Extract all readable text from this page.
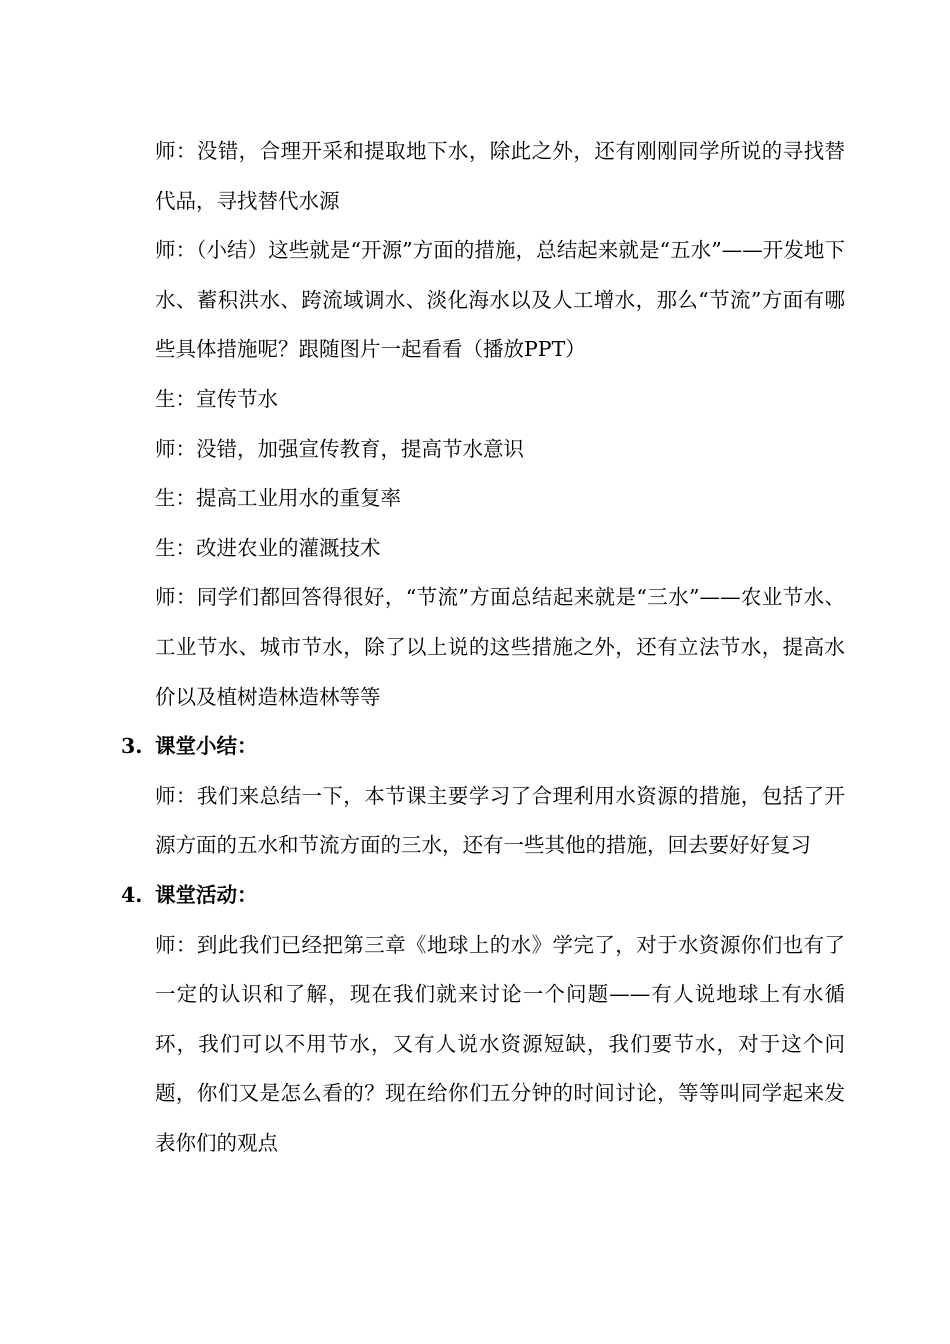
师：没错，合理开采和提取地下水，除此之外，还有刚刚同学所说的寻找替代品，寻找替代水源

师：（小结）这些就是“开源”方面的措施，总结起来就是“五水”——开发地下水、蓄积洪水、跨流域调水、淡化海水以及人工增水，那么“节流”方面有哪些具体措施呢？跟随图片一起看看（播放PPT）

生：宣传节水

师：没错，加强宣传教育，提高节水意识

生：提高工业用水的重复率

生：改进农业的灌溉技术

师：同学们都回答得很好，“节流”方面总结起来就是“三水”——农业节水、工业节水、城市节水，除了以上说的这些措施之外，还有立法节水，提高水价以及植树造林造林等等

3. 课堂小结：

师：我们来总结一下，本节课主要学习了合理利用水资源的措施，包括了开源方面的五水和节流方面的三水，还有一些其他的措施，回去要好好复习

4. 课堂活动：

师：到此我们已经把第三章《地球上的水》学完了，对于水资源你们也有了一定的认识和了解，现在我们就来讨论一个问题——有人说地球上有水循环，我们可以不用节水，又有人说水资源短缺，我们要节水，对于这个问题，你们又是怎么看的？现在给你们五分钟的时间讨论，等等叫同学起来发表你们的观点
